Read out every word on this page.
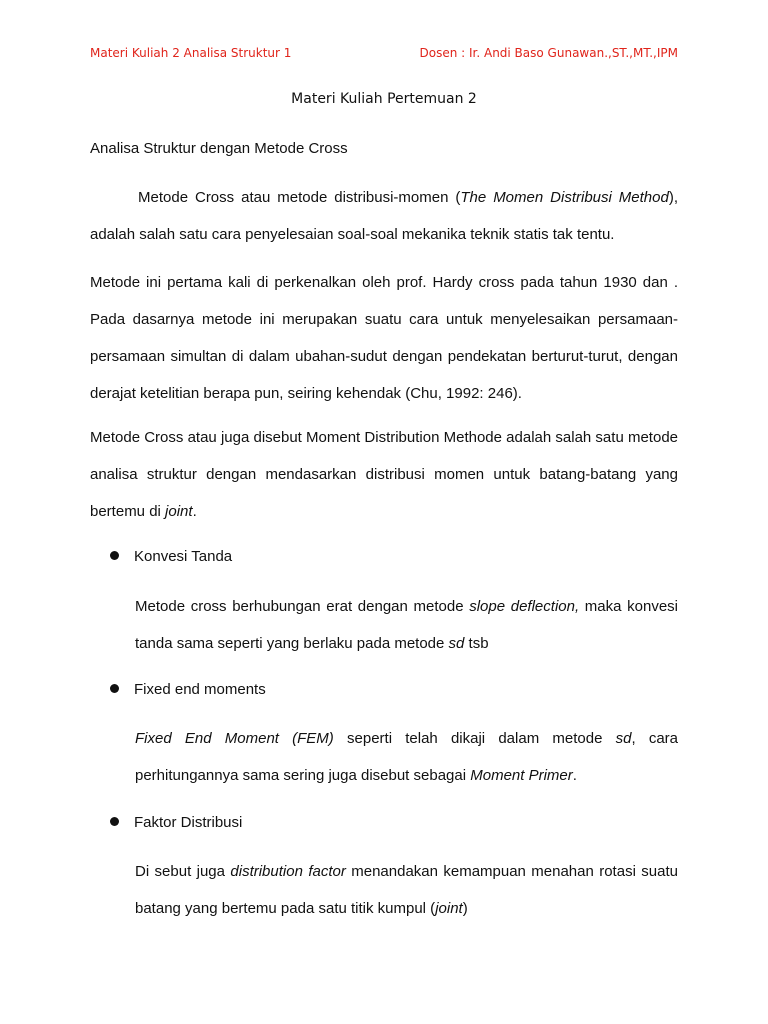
Materi Kuliah 2 Analisa Struktur 1	Dosen : Ir. Andi Baso Gunawan.,ST.,MT.,IPM
Materi Kuliah Pertemuan 2
Analisa Struktur dengan Metode Cross
Metode Cross atau metode distribusi-momen (The Momen Distribusi Method), adalah salah satu cara penyelesaian soal-soal mekanika teknik statis tak tentu.
Metode ini pertama kali di perkenalkan oleh prof. Hardy cross pada tahun 1930 dan . Pada dasarnya metode ini merupakan suatu cara untuk menyelesaikan persamaan-persamaan simultan di dalam ubahan-sudut dengan pendekatan berturut-turut, dengan derajat ketelitian berapa pun, seiring kehendak (Chu, 1992: 246).
Metode Cross atau juga disebut Moment Distribution Methode adalah salah satu metode analisa struktur dengan mendasarkan distribusi momen untuk batang-batang yang bertemu di joint.
Konvesi Tanda
Metode cross berhubungan erat dengan metode slope deflection, maka konvesi tanda sama seperti yang berlaku pada metode sd tsb
Fixed end moments
Fixed End Moment (FEM) seperti telah dikaji dalam metode sd, cara perhitungannya sama sering juga disebut sebagai Moment Primer.
Faktor Distribusi
Di sebut juga distribution factor menandakan kemampuan menahan rotasi suatu batang yang bertemu pada satu titik kumpul (joint)
